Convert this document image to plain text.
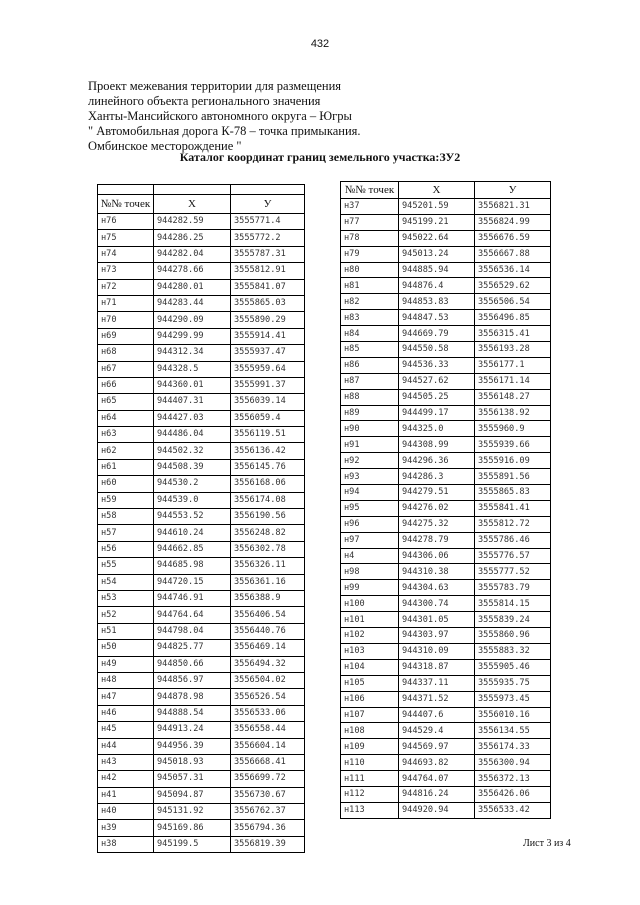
432
Проект межевания территории для размещения
линейного объекта регионального значения
Ханты-Мансийского автономного округа – Югры
" Автомобильная дорога К-78 – точка примыкания.
Омбинское месторождение "
Каталог координат границ земельного участка:ЗУ2

№№ точек	Х	У
н76	944282.59	3555771.4
н75	944286.25	3555772.2
н74	944282.04	3555787.31
н73	944278.66	3555812.91
н72	944280.01	3555841.07
н71	944283.44	3555865.03
н70	944290.09	3555890.29
н69	944299.99	3555914.41
н68	944312.34	3555937.47
н67	944328.5	3555959.64
н66	944360.01	3555991.37
н65	944407.31	3556039.14
н64	944427.03	3556059.4
н63	944486.04	3556119.51
н62	944502.32	3556136.42
н61	944508.39	3556145.76
н60	944530.2	3556168.06
н59	944539.0	3556174.08
н58	944553.52	3556190.56
н57	944610.24	3556248.82
н56	944662.85	3556302.78
н55	944685.98	3556326.11
н54	944720.15	3556361.16
н53	944746.91	3556388.9
н52	944764.64	3556406.54
н51	944798.04	3556440.76
н50	944825.77	3556469.14
н49	944850.66	3556494.32
н48	944856.97	3556504.02
н47	944878.98	3556526.54
н46	944888.54	3556533.06
н45	944913.24	3556558.44
н44	944956.39	3556604.14
н43	945018.93	3556668.41
н42	945057.31	3556699.72
н41	945094.87	3556730.67
н40	945131.92	3556762.37
н39	945169.86	3556794.36
н38	945199.5	3556819.39
№№ точек	Х	У
н37	945201.59	3556821.31
н77	945199.21	3556824.99
н78	945022.64	3556676.59
н79	945013.24	3556667.88
н80	944885.94	3556536.14
н81	944876.4	3556529.62
н82	944853.83	3556506.54
н83	944847.53	3556496.85
н84	944669.79	3556315.41
н85	944550.58	3556193.28
н86	944536.33	3556177.1
н87	944527.62	3556171.14
н88	944505.25	3556148.27
н89	944499.17	3556138.92
н90	944325.0	3555960.9
н91	944308.99	3555939.66
н92	944296.36	3555916.09
н93	944286.3	3555891.56
н94	944279.51	3555865.83
н95	944276.02	3555841.41
н96	944275.32	3555812.72
н97	944278.79	3555786.46
н4	944306.06	3555776.57
н98	944310.38	3555777.52
н99	944304.63	3555783.79
н100	944300.74	3555814.15
н101	944301.05	3555839.24
н102	944303.97	3555860.96
н103	944310.09	3555883.32
н104	944318.87	3555905.46
н105	944337.11	3555935.75
н106	944371.52	3555973.45
н107	944407.6	3556010.16
н108	944529.4	3556134.55
н109	944569.97	3556174.33
н110	944693.82	3556300.94
н111	944764.07	3556372.13
н112	944816.24	3556426.06
н113	944920.94	3556533.42
Лист 3 из 4
